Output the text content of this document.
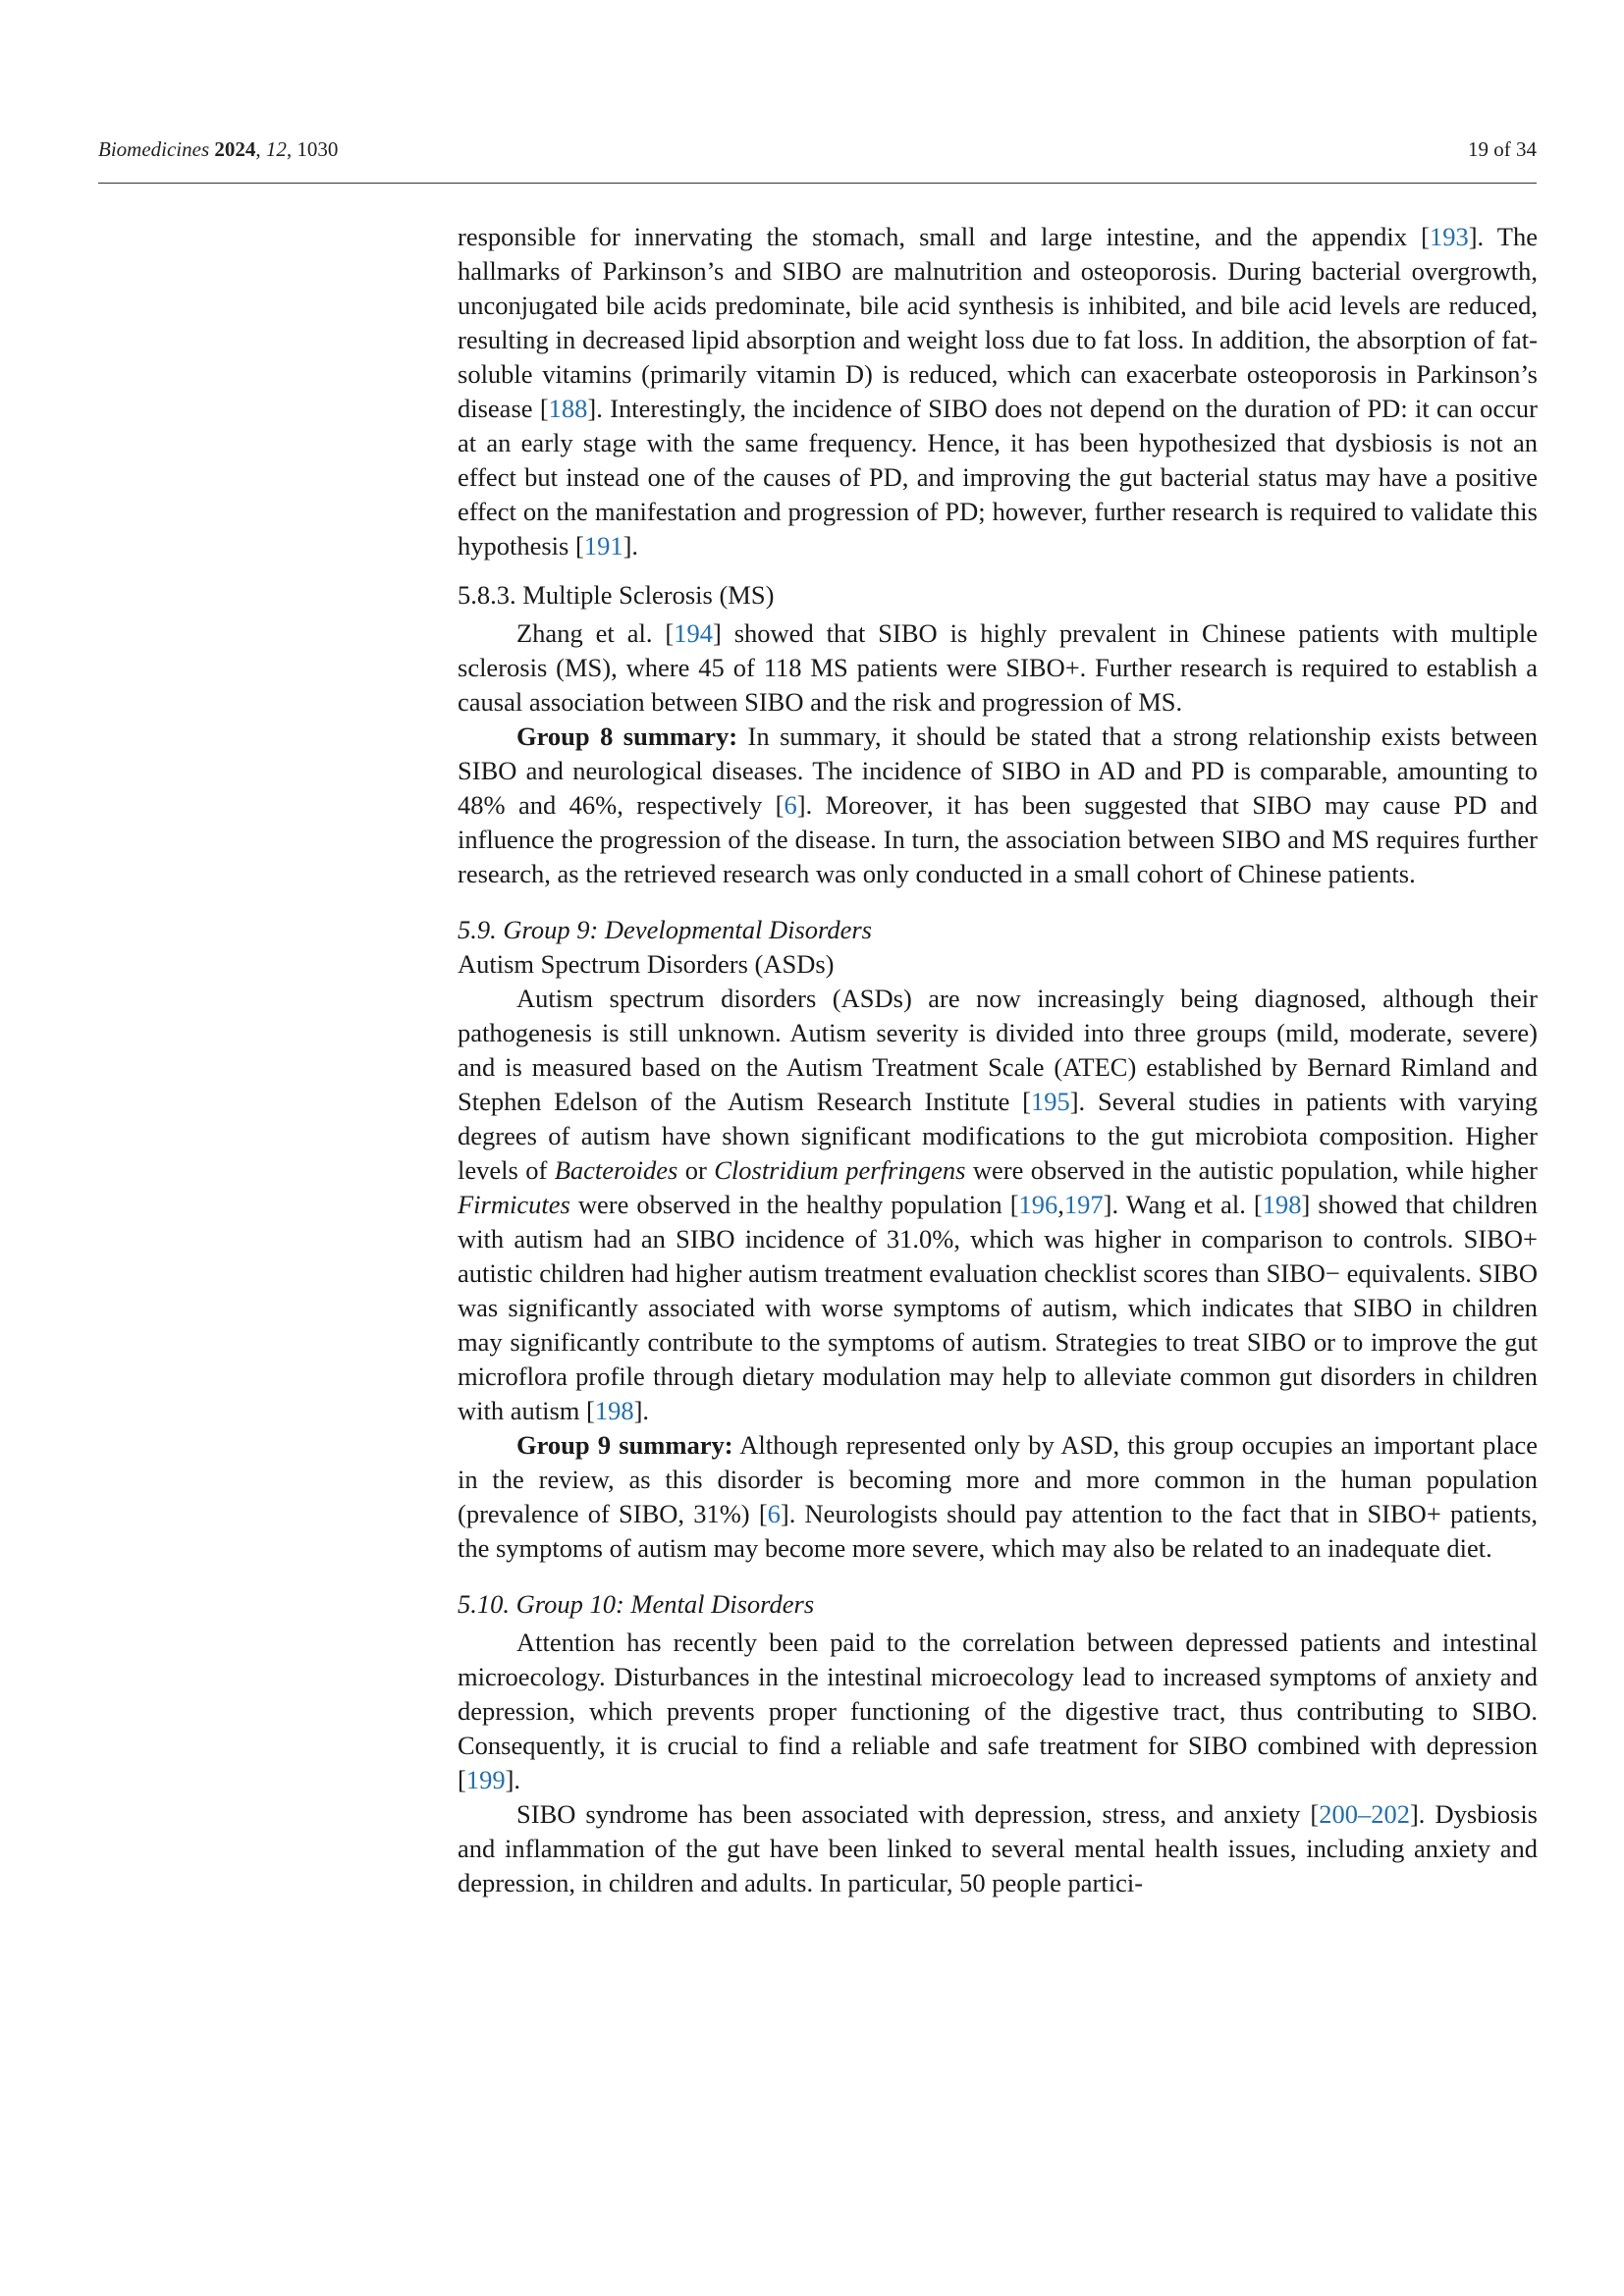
Biomedicines 2024, 12, 1030	19 of 34

responsible for innervating the stomach, small and large intestine, and the appendix [193]. The hallmarks of Parkinson’s and SIBO are malnutrition and osteoporosis. During bacterial overgrowth, unconjugated bile acids predominate, bile acid synthesis is inhibited, and bile acid levels are reduced, resulting in decreased lipid absorption and weight loss due to fat loss. In addition, the absorption of fat-soluble vitamins (primarily vitamin D) is reduced, which can exacerbate osteoporosis in Parkinson’s disease [188]. Interestingly, the incidence of SIBO does not depend on the duration of PD: it can occur at an early stage with the same frequency. Hence, it has been hypothesized that dysbiosis is not an effect but instead one of the causes of PD, and improving the gut bacterial status may have a positive effect on the manifestation and progression of PD; however, further research is required to validate this hypothesis [191].

5.8.3. Multiple Sclerosis (MS)

Zhang et al. [194] showed that SIBO is highly prevalent in Chinese patients with multiple sclerosis (MS), where 45 of 118 MS patients were SIBO+. Further research is required to establish a causal association between SIBO and the risk and progression of MS.

Group 8 summary: In summary, it should be stated that a strong relationship exists between SIBO and neurological diseases. The incidence of SIBO in AD and PD is comparable, amounting to 48% and 46%, respectively [6]. Moreover, it has been suggested that SIBO may cause PD and influence the progression of the disease. In turn, the association between SIBO and MS requires further research, as the retrieved research was only conducted in a small cohort of Chinese patients.

5.9. Group 9: Developmental Disorders
Autism Spectrum Disorders (ASDs)

Autism spectrum disorders (ASDs) are now increasingly being diagnosed, although their pathogenesis is still unknown. Autism severity is divided into three groups (mild, moderate, severe) and is measured based on the Autism Treatment Scale (ATEC) established by Bernard Rimland and Stephen Edelson of the Autism Research Institute [195]. Several studies in patients with varying degrees of autism have shown significant modifications to the gut microbiota composition. Higher levels of Bacteroides or Clostridium perfringens were observed in the autistic population, while higher Firmicutes were observed in the healthy population [196,197]. Wang et al. [198] showed that children with autism had an SIBO incidence of 31.0%, which was higher in comparison to controls. SIBO+ autistic children had higher autism treatment evaluation checklist scores than SIBO− equivalents. SIBO was significantly associated with worse symptoms of autism, which indicates that SIBO in children may significantly contribute to the symptoms of autism. Strategies to treat SIBO or to improve the gut microflora profile through dietary modulation may help to alleviate common gut disorders in children with autism [198].

Group 9 summary: Although represented only by ASD, this group occupies an important place in the review, as this disorder is becoming more and more common in the human population (prevalence of SIBO, 31%) [6]. Neurologists should pay attention to the fact that in SIBO+ patients, the symptoms of autism may become more severe, which may also be related to an inadequate diet.

5.10. Group 10: Mental Disorders

Attention has recently been paid to the correlation between depressed patients and intestinal microecology. Disturbances in the intestinal microecology lead to increased symptoms of anxiety and depression, which prevents proper functioning of the digestive tract, thus contributing to SIBO. Consequently, it is crucial to find a reliable and safe treatment for SIBO combined with depression [199].

SIBO syndrome has been associated with depression, stress, and anxiety [200–202]. Dysbiosis and inflammation of the gut have been linked to several mental health issues, including anxiety and depression, in children and adults. In particular, 50 people partici-
